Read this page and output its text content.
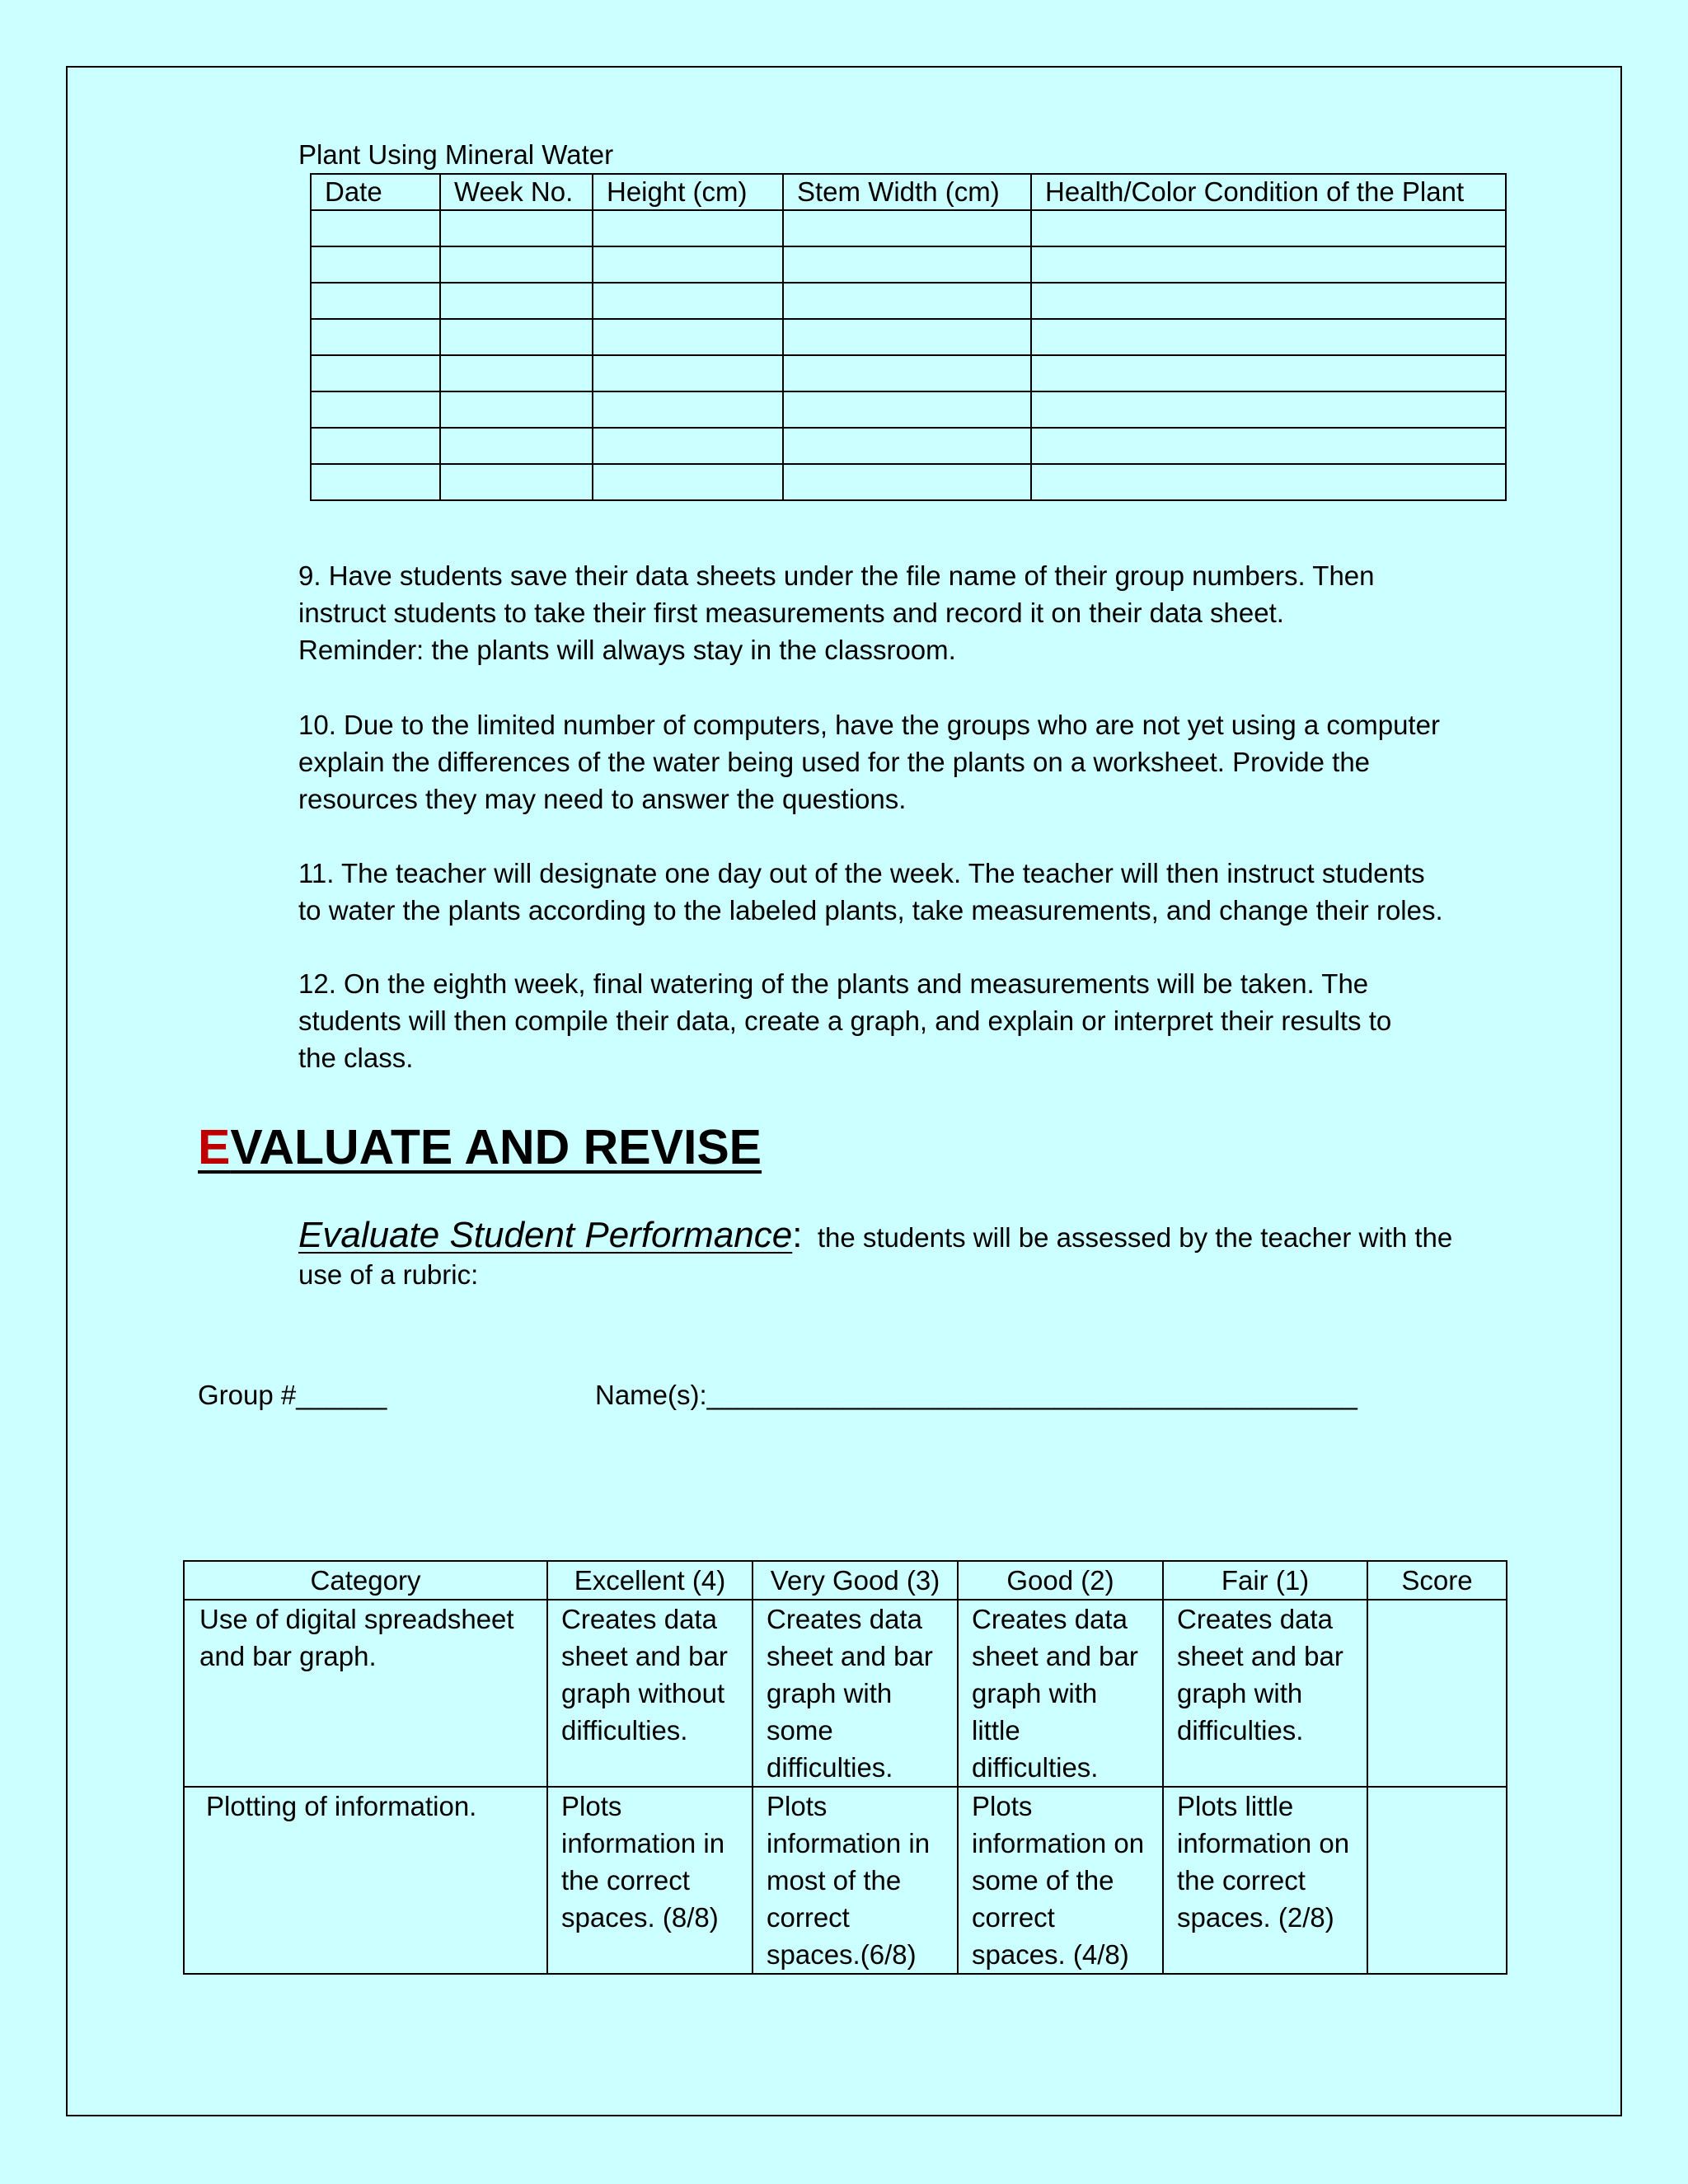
Plant Using Mineral Water
Date	Week No.	Height (cm)	Stem Width (cm)	Health/Color Condition of the Plant

9. Have students save their data sheets under the file name of their group numbers. Then

instruct students to take their first measurements and record it on their data sheet.

Reminder: the plants will always stay in the classroom.

10. Due to the limited number of computers, have the groups who are not yet using a computer

explain the differences of the water being used for the plants on a worksheet. Provide the

resources they may need to answer the questions.

11. The teacher will designate one day out of the week. The teacher will then instruct students

to water the plants according to the labeled plants, take measurements, and change their roles.

12. On the eighth week, final watering of the plants and measurements will be taken. The

students will then compile their data, create a graph, and explain or interpret their results to

the class.

EVALUATE AND REVISE
Evaluate Student Performance:  the students will be assessed by the teacher with the
use of a rubric:
Group #______	Name(s):___________________________________________
Category	Excellent (4)	Very Good (3)	Good (2)	Fair (1)	Score
Use of digital spreadsheet and bar graph.	Creates data sheet and bar graph without difficulties.	Creates data sheet and bar graph with some difficulties.	Creates data sheet and bar graph with little difficulties.	Creates data sheet and bar graph with difficulties.	
Plotting of information.	Plots information in the correct spaces. (8/8)	Plots information in most of the correct spaces.(6/8)	Plots information on some of the correct spaces. (4/8)	Plots little information on the correct spaces. (2/8)	
